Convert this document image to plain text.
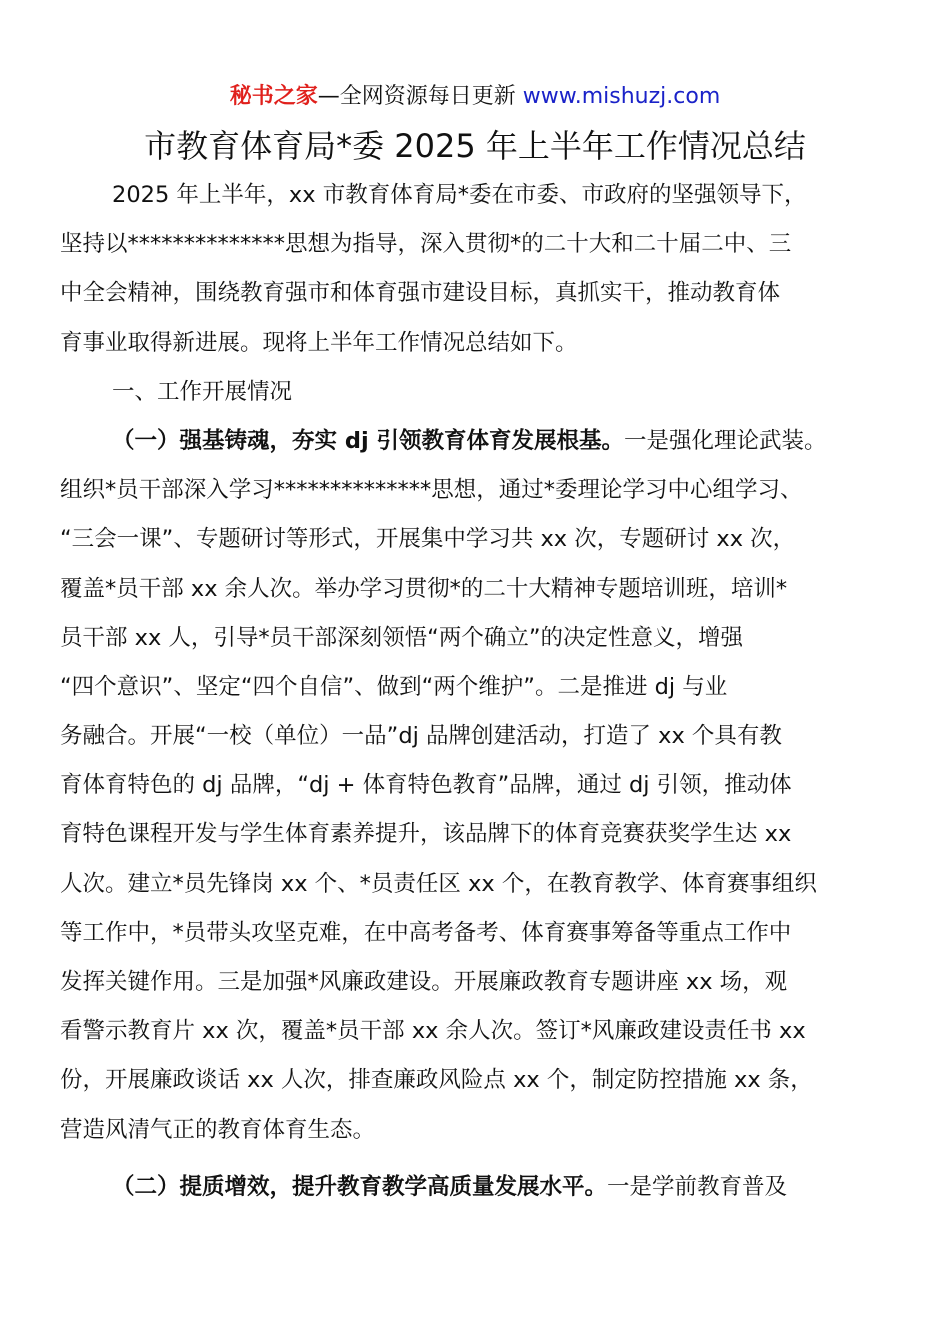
秘书之家—全网资源每日更新 www.mishuzj.com
市教育体育局*委 2025 年上半年工作情况总结
2025 年上半年，xx 市教育体育局*委在市委、市政府的坚强领导下，
坚持以**************思想为指导，深入贯彻*的二十大和二十届二中、三
中全会精神，围绕教育强市和体育强市建设目标，真抓实干，推动教育体
育事业取得新进展。现将上半年工作情况总结如下。
一、工作开展情况
（一）强基铸魂，夯实 dj 引领教育体育发展根基。一是强化理论武装。
组织*员干部深入学习**************思想，通过*委理论学习中心组学习、
“三会一课”、专题研讨等形式，开展集中学习共 xx 次，专题研讨 xx 次，
覆盖*员干部 xx 余人次。举办学习贯彻*的二十大精神专题培训班，培训*
员干部 xx 人，引导*员干部深刻领悟“两个确立”的决定性意义，增强
“四个意识”、坚定“四个自信”、做到“两个维护”。二是推进 dj 与业
务融合。开展“一校（单位）一品”dj 品牌创建活动，打造了 xx 个具有教
育体育特色的 dj 品牌，“dj + 体育特色教育”品牌，通过 dj 引领，推动体
育特色课程开发与学生体育素养提升，该品牌下的体育竞赛获奖学生达 xx
人次。建立*员先锋岗 xx 个、*员责任区 xx 个，在教育教学、体育赛事组织
等工作中，*员带头攻坚克难，在中高考备考、体育赛事筹备等重点工作中
发挥关键作用。三是加强*风廉政建设。开展廉政教育专题讲座 xx 场，观
看警示教育片 xx 次，覆盖*员干部 xx 余人次。签订*风廉政建设责任书 xx
份，开展廉政谈话 xx 人次，排查廉政风险点 xx 个，制定防控措施 xx 条，
营造风清气正的教育体育生态。
（二）提质增效，提升教育教学高质量发展水平。一是学前教育普及
